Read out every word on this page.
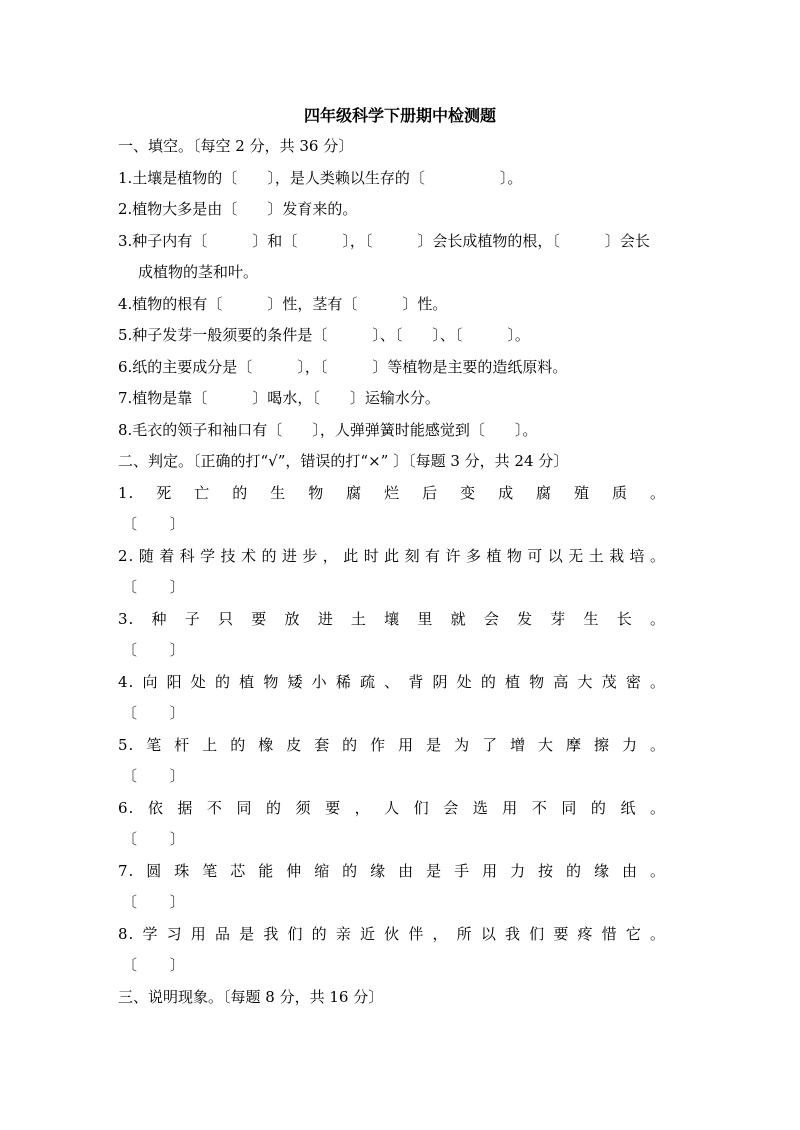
四年级科学下册期中检测题
一、填空。〔每空 2 分，共 36 分〕
1.土壤是植物的〔　　〕，是人类赖以生存的〔　　　　　〕。
2.植物大多是由〔　　〕发育来的。
3.种子内有〔　　　〕和〔　　　〕，〔　　　〕会长成植物的根，〔　　　〕会长
成植物的茎和叶。
4.植物的根有〔　　　〕性，茎有〔　　　〕性。
5.种子发芽一般须要的条件是〔　　　〕、〔　　〕、〔　　　〕。
6.纸的主要成分是〔　　　〕，〔　　　〕等植物是主要的造纸原料。
7.植物是靠〔　　　〕喝水，〔　　〕运输水分。
8.毛衣的领子和袖口有〔　　〕，人弹弹簧时能感觉到〔　　〕。
二、判定。〔正确的打“√”，错误的打“×” 〕〔每题 3 分，共 24 分〕
1.死亡的生物腐烂后变成腐殖质。
〔 〕
2.随着科学技术的进步，此时此刻有许多植物可以无土栽培。
〔 〕
3.种子只要放进土壤里就会发芽生长。
〔 〕
4.向阳处的植物矮小稀疏、背阴处的植物高大茂密。
〔 〕
5.笔杆上的橡皮套的作用是为了增大摩擦力。
〔 〕
6.依据不同的须要，人们会选用不同的纸。
〔 〕
7.圆珠笔芯能伸缩的缘由是手用力按的缘由。
〔 〕
8.学习用品是我们的亲近伙伴，所以我们要疼惜它。
〔 〕
三、说明现象。〔每题 8 分，共 16 分〕
